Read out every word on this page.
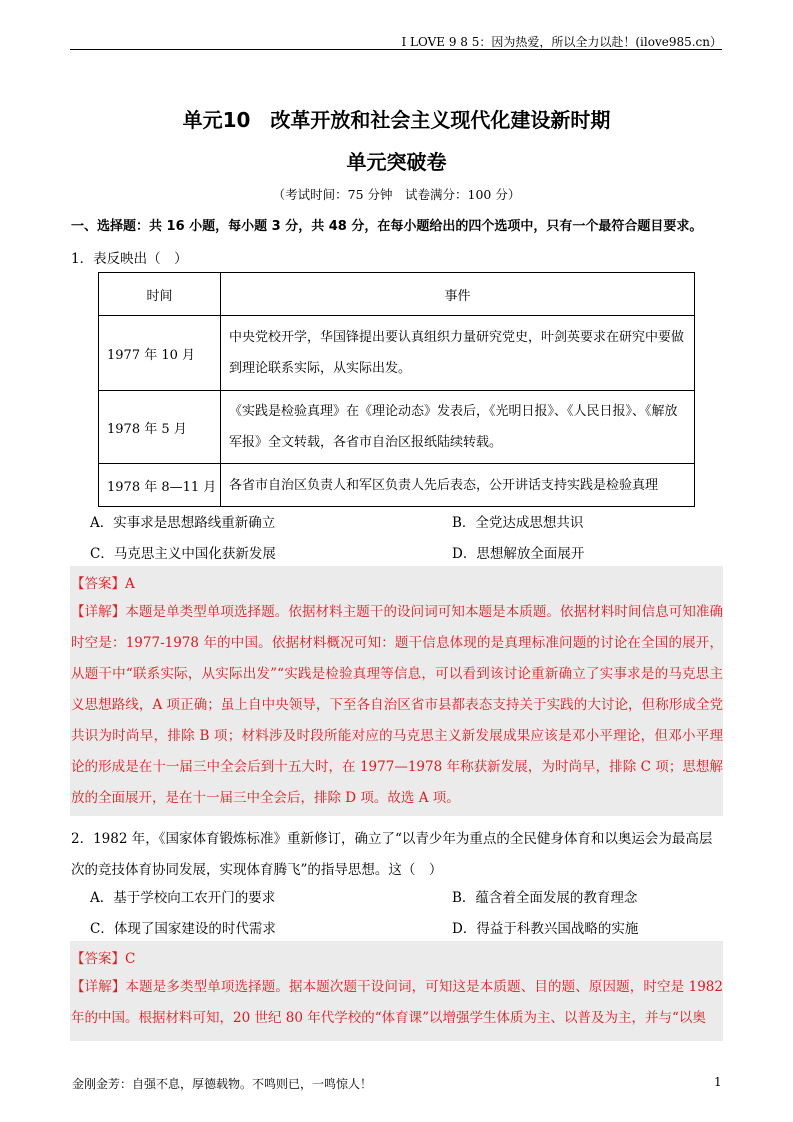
I LOVE 9 8 5：因为热爱，所以全力以赴！(ilove985.cn）
单元10　改革开放和社会主义现代化建设新时期
单元突破卷
（考试时间：75 分钟　试卷满分：100 分）
一、选择题：共 16 小题，每小题 3 分，共 48 分，在每小题给出的四个选项中，只有一个最符合题目要求。
1．表反映出（　）
时间	事件
1977 年 10 月	中央党校开学，华国锋提出要认真组织力量研究党史，叶剑英要求在研究中要做到理论联系实际，从实际出发。
1978 年 5 月	《实践是检验真理》在《理论动态》发表后，《光明日报》、《人民日报》、《解放军报》全文转载，各省市自治区报纸陆续转载。
1978 年 8—11 月	各省市自治区负责人和军区负责人先后表态，公开讲话支持实践是检验真理
A．实事求是思想路线重新确立	B．全党达成思想共识
C．马克思主义中国化获新发展	D．思想解放全面展开
【答案】A
【详解】本题是单类型单项选择题。依据材料主题干的设问词可知本题是本质题。依据材料时间信息可知准确时空是：1977-1978 年的中国。依据材料概况可知：题干信息体现的是真理标准问题的讨论在全国的展开，从题干中“联系实际，从实际出发”“实践是检验真理等信息，可以看到该讨论重新确立了实事求是的马克思主义思想路线，A 项正确；虽上自中央领导，下至各自治区省市县都表态支持关于实践的大讨论，但称形成全党共识为时尚早，排除 B 项；材料涉及时段所能对应的马克思主义新发展成果应该是邓小平理论，但邓小平理论的形成是在十一届三中全会后到十五大时，在 1977—1978 年称获新发展，为时尚早，排除 C 项；思想解放的全面展开，是在十一届三中全会后，排除 D 项。故选 A 项。
2．1982 年，《国家体育锻炼标准》重新修订，确立了“以青少年为重点的全民健身体育和以奥运会为最高层次的竞技体育协同发展，实现体育腾飞”的指导思想。这（　）
A．基于学校向工农开门的要求	B．蕴含着全面发展的教育理念
C．体现了国家建设的时代需求	D．得益于科教兴国战略的实施
【答案】C
【详解】本题是多类型单项选择题。据本题次题干设问词，可知这是本质题、目的题、原因题，时空是 1982 年的中国。根据材料可知，20 世纪 80 年代学校的“体育课”以增强学生体质为主、以普及为主，并与“以奥
金刚金芳：自强不息，厚德载物。不鸣则已，一鸣惊人！	1
